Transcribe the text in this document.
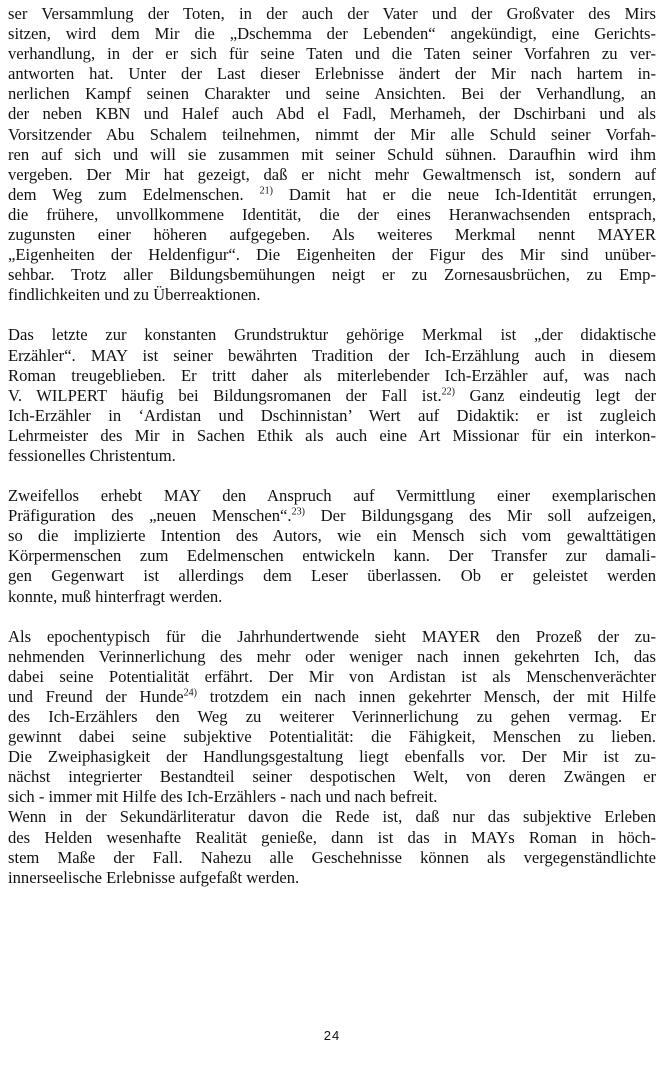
ser Versammlung der Toten, in der auch der Vater und der Großvater des Mirs
sitzen, wird dem Mir die „Dschemma der Lebenden“ angekündigt, eine Gerichts-
verhandlung, in der er sich für seine Taten und die Taten seiner Vorfahren zu ver-
antworten hat. Unter der Last dieser Erlebnisse ändert der Mir nach hartem in-
nerlichen Kampf seinen Charakter und seine Ansichten. Bei der Verhandlung, an
der neben KBN und Halef auch Abd el Fadl, Merhameh, der Dschirbani und als
Vorsitzender Abu Schalem teilnehmen, nimmt der Mir alle Schuld seiner Vorfah-
ren auf sich und will sie zusammen mit seiner Schuld sühnen. Daraufhin wird ihm
vergeben. Der Mir hat gezeigt, daß er nicht mehr Gewaltmensch ist, sondern auf
dem Weg zum Edelmenschen. $^{21)}$ Damit hat er die neue Ich-Identität errungen,
die frühere, unvollkommene Identität, die der eines Heranwachsenden entsprach,
zugunsten einer höheren aufgegeben. Als weiteres Merkmal nennt MAYER
„Eigenheiten der Heldenfigur“. Die Eigenheiten der Figur des Mir sind unüber-
sehbar. Trotz aller Bildungsbemühungen neigt er zu Zornesausbrüchen, zu Emp-
findlichkeiten und zu Überreaktionen.

Das letzte zur konstanten Grundstruktur gehörige Merkmal ist „der didaktische
Erzähler“. MAY ist seiner bewährten Tradition der Ich-Erzählung auch in diesem
Roman treugeblieben. Er tritt daher als miterlebender Ich-Erzähler auf, was nach
V. WILPERT häufig bei Bildungsromanen der Fall ist.$^{22)}$ Ganz eindeutig legt der
Ich-Erzähler in ‘Ardistan und Dschinnistan’ Wert auf Didaktik: er ist zugleich
Lehrmeister des Mir in Sachen Ethik als auch eine Art Missionar für ein interkon-
fessionelles Christentum.

Zweifellos erhebt MAY den Anspruch auf Vermittlung einer exemplarischen
Präfiguration des „neuen Menschen“.$^{23)}$ Der Bildungsgang des Mir soll aufzeigen,
so die implizierte Intention des Autors, wie ein Mensch sich vom gewalttätigen
Körpermenschen zum Edelmenschen entwickeln kann. Der Transfer zur damali-
gen Gegenwart ist allerdings dem Leser überlassen. Ob er geleistet werden
konnte, muß hinterfragt werden.

Als epochentypisch für die Jahrhundertwende sieht MAYER den Prozeß der zu-
nehmenden Verinnerlichung des mehr oder weniger nach innen gekehrten Ich, das
dabei seine Potentialität erfährt. Der Mir von Ardistan ist als Menschenverächter
und Freund der Hunde$^{24)}$ trotzdem ein nach innen gekehrter Mensch, der mit Hilfe
des Ich-Erzählers den Weg zu weiterer Verinnerlichung zu gehen vermag. Er
gewinnt dabei seine subjektive Potentialität: die Fähigkeit, Menschen zu lieben.
Die Zweiphasigkeit der Handlungsgestaltung liegt ebenfalls vor. Der Mir ist zu-
nächst integrierter Bestandteil seiner despotischen Welt, von deren Zwängen er
sich - immer mit Hilfe des Ich-Erzählers - nach und nach befreit.

Wenn in der Sekundärliteratur davon die Rede ist, daß nur das subjektive Erleben
des Helden wesenhafte Realität genieße, dann ist das in MAYs Roman in höch-
stem Maße der Fall. Nahezu alle Geschehnisse können als vergegenständlichte
innerseelische Erlebnisse aufgefaßt werden.

24
